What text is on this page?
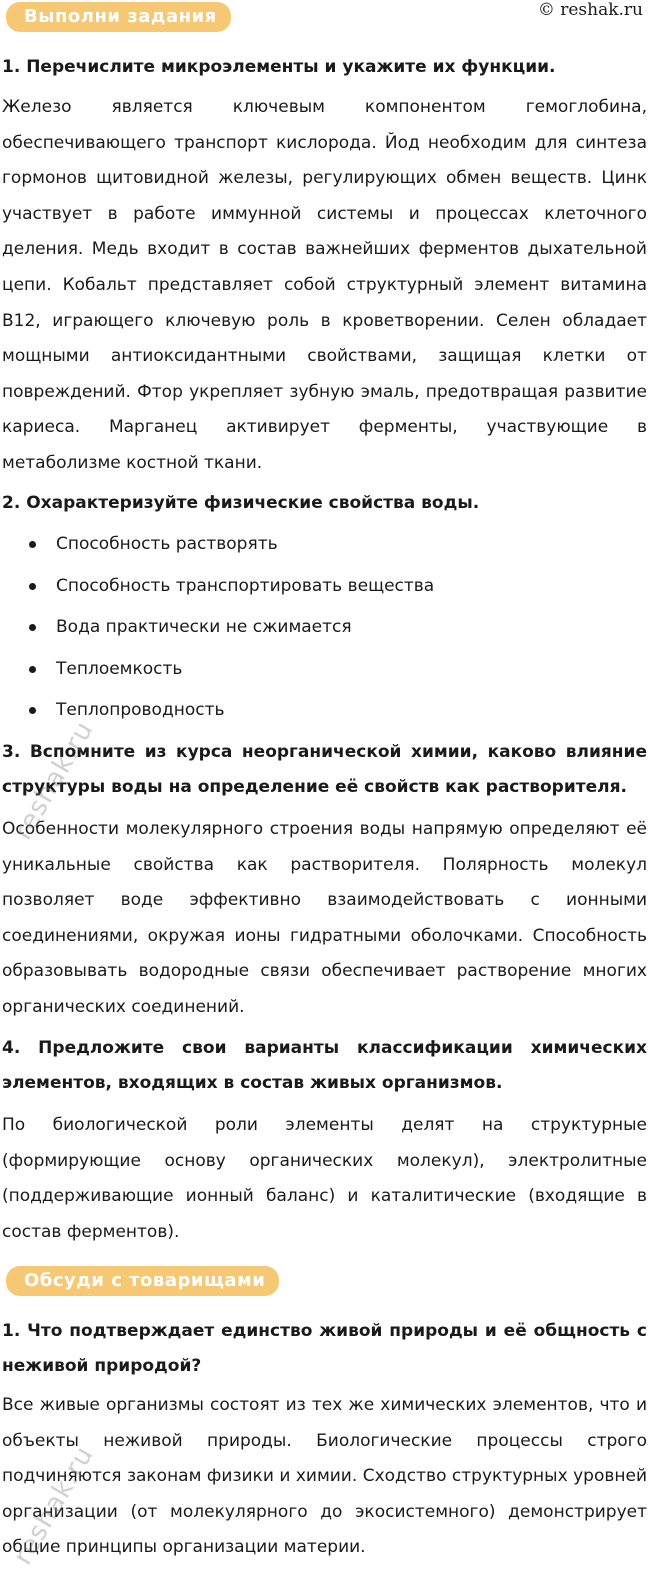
Выполни задания	© reshak.ru
1. Перечислите микроэлементы и укажите их функции.
Железо является ключевым компонентом гемоглобина, обеспечивающего транспорт кислорода. Йод необходим для синтеза гормонов щитовидной железы, регулирующих обмен веществ. Цинк участвует в работе иммунной системы и процессах клеточного деления. Медь входит в состав важнейших ферментов дыхательной цепи. Кобальт представляет собой структурный элемент витамина B12, играющего ключевую роль в кроветворении. Селен обладает мощными антиоксидантными свойствами, защищая клетки от повреждений. Фтор укрепляет зубную эмаль, предотвращая развитие кариеса. Марганец активирует ферменты, участвующие в метаболизме костной ткани.
2. Охарактеризуйте физические свойства воды.
Способность растворять
Способность транспортировать вещества
Вода практически не сжимается
Теплоемкость
Теплопроводность
3. Вспомните из курса неорганической химии, каково влияние структуры воды на определение её свойств как растворителя.
Особенности молекулярного строения воды напрямую определяют её уникальные свойства как растворителя. Полярность молекул позволяет воде эффективно взаимодействовать с ионными соединениями, окружая ионы гидратными оболочками. Способность образовывать водородные связи обеспечивает растворение многих органических соединений.
4. Предложите свои варианты классификации химических элементов, входящих в состав живых организмов.
По биологической роли элементы делят на структурные (формирующие основу органических молекул), электролитные (поддерживающие ионный баланс) и каталитические (входящие в состав ферментов).
Обсуди с товарищами
1. Что подтверждает единство живой природы и её общность с неживой природой?
Все живые организмы состоят из тех же химических элементов, что и объекты неживой природы. Биологические процессы строго подчиняются законам физики и химии. Сходство структурных уровней организации (от молекулярного до экосистемного) демонстрирует общие принципы организации материи.
reshak.ru
reshak.ru
